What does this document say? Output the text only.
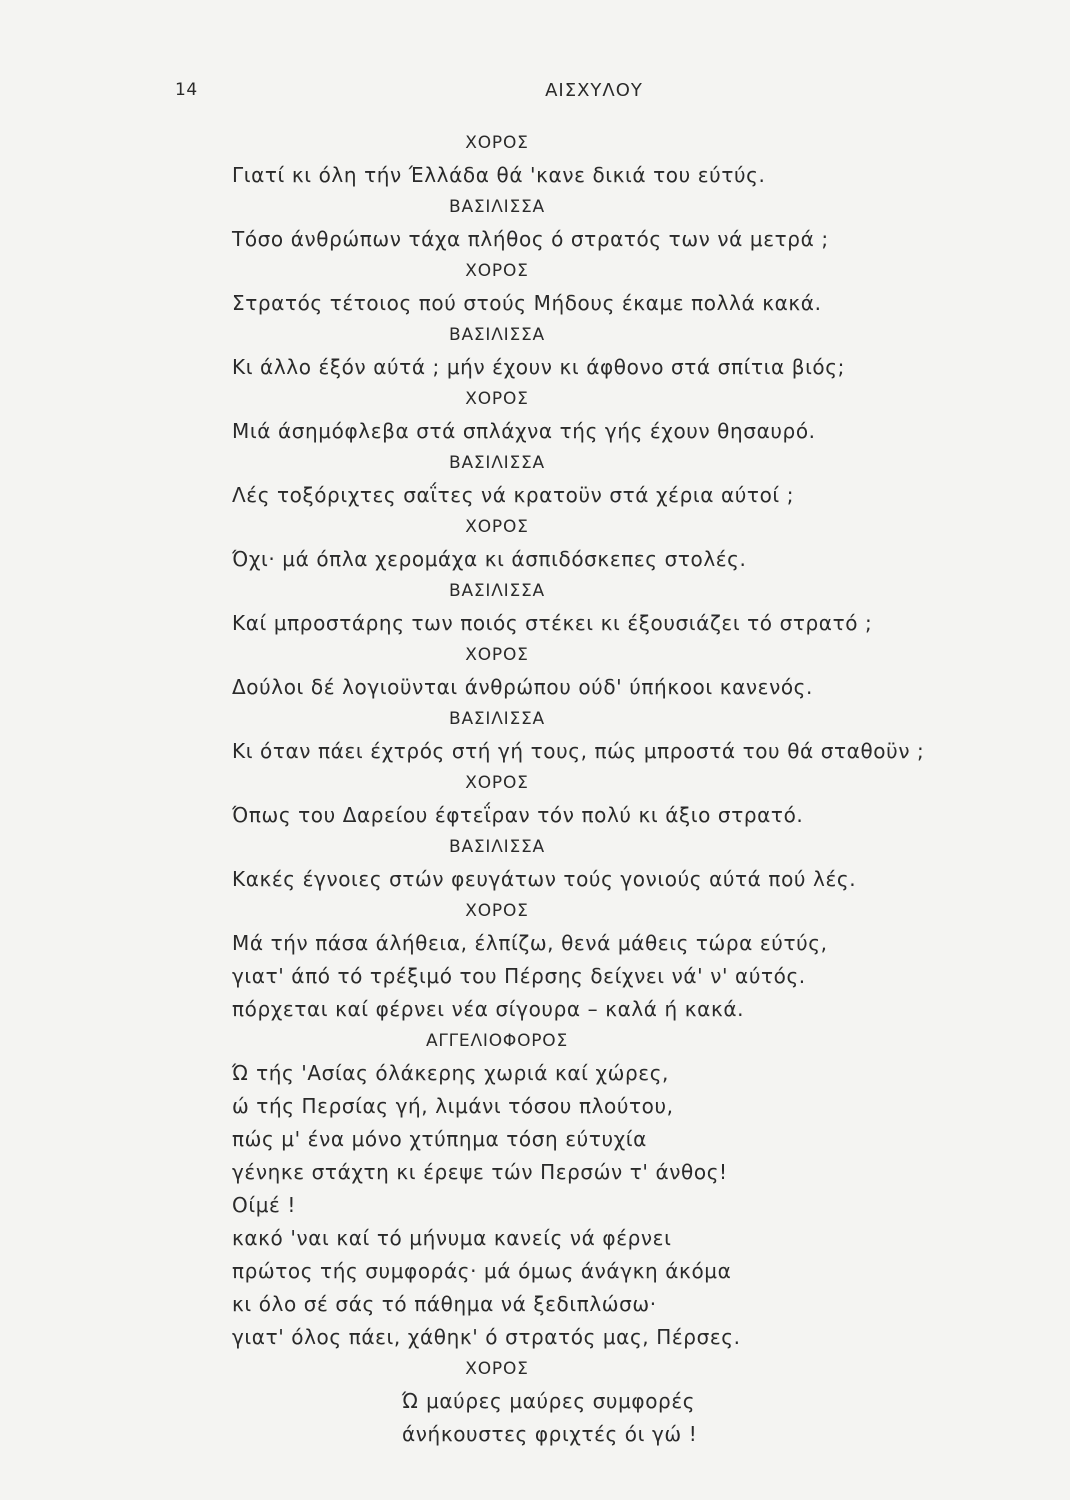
14	ΑΙΣΧΥΛΟΥ
ΧΟΡΟΣ
Γιατί κι όλη τήν Έλλάδα θά 'κανε δικιά του εύτύς.
ΒΑΣΙΛΙΣΣΑ
Τόσο άνθρώπων τάχα πλήθος ό στρατός των νά μετρά ;
ΧΟΡΟΣ
Στρατός τέτοιος πού στούς Μήδους έκαμε πολλά κακά.
ΒΑΣΙΛΙΣΣΑ
Κι άλλο έξόν αύτά ; μήν έχουν κι άφθονο στά σπίτια βιός;
ΧΟΡΟΣ
Μιά άσημόφλεβα στά σπλάχνα τής γής έχουν θησαυρό.
ΒΑΣΙΛΙΣΣΑ
Λές τοξόριχτες σαΐτες νά κρατοϋν στά χέρια αύτοί ;
ΧΟΡΟΣ
Όχι· μά όπλα χερομάχα κι άσπιδόσκεπες στολές.
ΒΑΣΙΛΙΣΣΑ
Καί μπροστάρης των ποιός στέκει κι έξουσιάζει τό στρατό ;
ΧΟΡΟΣ
Δούλοι δέ λογιοϋνται άνθρώπου ούδ' ύπήκοοι κανενός.
ΒΑΣΙΛΙΣΣΑ
Κι όταν πάει έχτρός στή γή τους, πώς μπροστά του θά σταθοϋν ;
ΧΟΡΟΣ
Όπως του Δαρείου έφτεΐραν τόν πολύ κι άξιο στρατό.
ΒΑΣΙΛΙΣΣΑ
Κακές έγνοιες στών φευγάτων τούς γονιούς αύτά πού λές.
ΧΟΡΟΣ
Μά τήν πάσα άλήθεια, έλπίζω, θενά μάθεις τώρα εύτύς,
γιατ' άπό τό τρέξιμό του Πέρσης δείχνει νά' ν' αύτός.
πόρχεται καί φέρνει νέα σίγουρα – καλά ή κακά.
ΑΓΓΕΛΙΟΦΟΡΟΣ
Ώ τής 'Ασίας όλάκερης χωριά καί χώρες,
ώ τής Περσίας γή, λιμάνι τόσου πλούτου,
πώς μ' ένα μόνο χτύπημα τόση εύτυχία
γένηκε στάχτη κι έρεψε τών Περσών τ' άνθος!
Οίμέ !
κακό 'ναι καί τό μήνυμα κανείς νά φέρνει
πρώτος τής συμφοράς· μά όμως άνάγκη άκόμα
κι όλο σέ σάς τό πάθημα νά ξεδιπλώσω·
γιατ' όλος πάει, χάθηκ' ό στρατός μας, Πέρσες.
ΧΟΡΟΣ
Ώ μαύρες μαύρες συμφορές
άνήκουστες φριχτές όι γώ !
